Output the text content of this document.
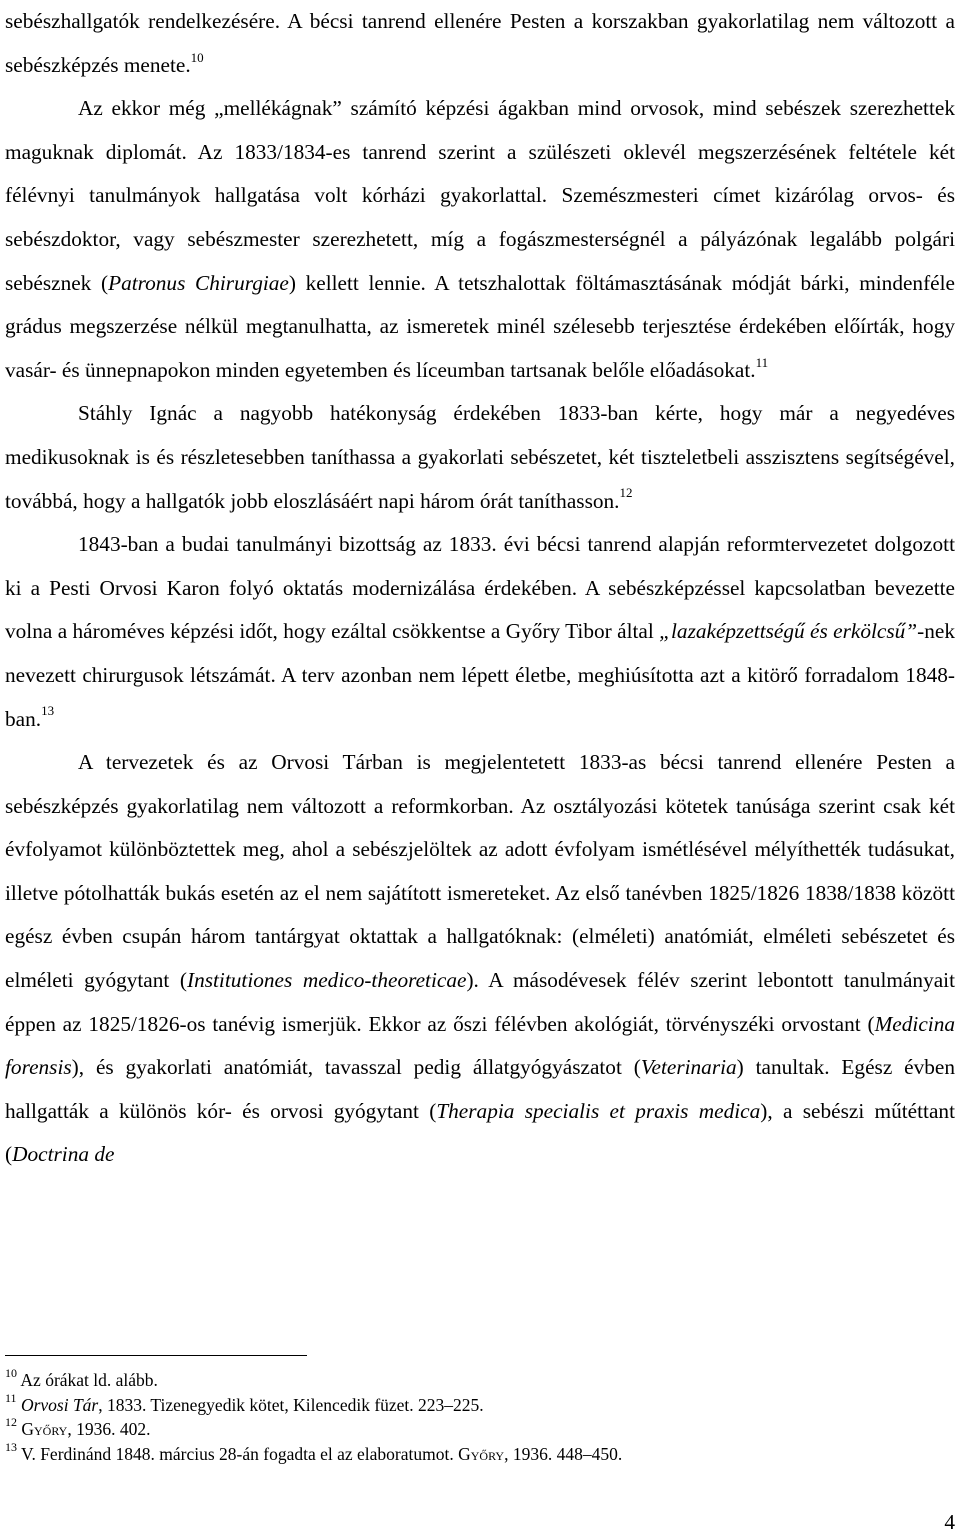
sebészhallgatók rendelkezésére. A bécsi tanrend ellenére Pesten a korszakban gyakorlatilag nem változott a sebészképzés menete.$^{10}$

Az ekkor még „mellékágnak” számító képzési ágakban mind orvosok, mind sebészek szerezhettek maguknak diplomát. Az 1833/1834-es tanrend szerint a szülészeti oklevél megszerzésének feltétele két félévnyi tanulmányok hallgatása volt kórházi gyakorlattal. Szemészmesteri címet kizárólag orvos- és sebészdoktor, vagy sebészmester szerezhetett, míg a fogászmesterségnél a pályázónak legalább polgári sebésznek (Patronus Chirurgiae) kellett lennie. A tetszhalottak föltámasztásának módját bárki, mindenféle grádus megszerzése nélkül megtanulhatta, az ismeretek minél szélesebb terjesztése érdekében előírták, hogy vasár- és ünnepnapokon minden egyetemben és líceumban tartsanak belőle előadásokat.$^{11}$

Stáhly Ignác a nagyobb hatékonyság érdekében 1833-ban kérte, hogy már a negyedéves medikusoknak is és részletesebben taníthassa a gyakorlati sebészetet, két tiszteletbeli asszisztens segítségével, továbbá, hogy a hallgatók jobb eloszlásáért napi három órát taníthasson.$^{12}$

1843-ban a budai tanulmányi bizottság az 1833. évi bécsi tanrend alapján reformtervezetet dolgozott ki a Pesti Orvosi Karon folyó oktatás modernizálása érdekében. A sebészképzéssel kapcsolatban bevezette volna a hároméves képzési időt, hogy ezáltal csökkentse a Győry Tibor által „lazaképzettségű és erkölcsű”-nek nevezett chirurgusok létszámát. A terv azonban nem lépett életbe, meghiúsította azt a kitörő forradalom 1848-ban.$^{13}$

A tervezetek és az Orvosi Tárban is megjelentetett 1833-as bécsi tanrend ellenére Pesten a sebészképzés gyakorlatilag nem változott a reformkorban. Az osztályozási kötetek tanúsága szerint csak két évfolyamot különböztettek meg, ahol a sebészjelöltek az adott évfolyam ismétlésével mélyíthették tudásukat, illetve pótolhatták bukás esetén az el nem sajátított ismereteket. Az első tanévben 1825/1826 1838/1838 között egész évben csupán három tantárgyat oktattak a hallgatóknak: (elméleti) anatómiát, elméleti sebészetet és elméleti gyógytant (Institutiones medico-theoreticae). A másodévesek félév szerint lebontott tanulmányait éppen az 1825/1826-os tanévig ismerjük. Ekkor az őszi félévben akológiát, törvényszéki orvostant (Medicina forensis), és gyakorlati anatómiát, tavasszal pedig állatgyógyászatot (Veterinaria) tanultak. Egész évben hallgatták a különös kór- és orvosi gyógytant (Therapia specialis et praxis medica), a sebészi műtéttant (Doctrina de

$^{10}$ Az órákat ld. alább.

$^{11}$ Orvosi Tár, 1833. Tizenegyedik kötet, Kilencedik füzet. 223–225.

$^{12}$ Győry, 1936. 402.

$^{13}$ V. Ferdinánd 1848. március 28-án fogadta el az elaboratumot. Győry, 1936. 448–450.

4
